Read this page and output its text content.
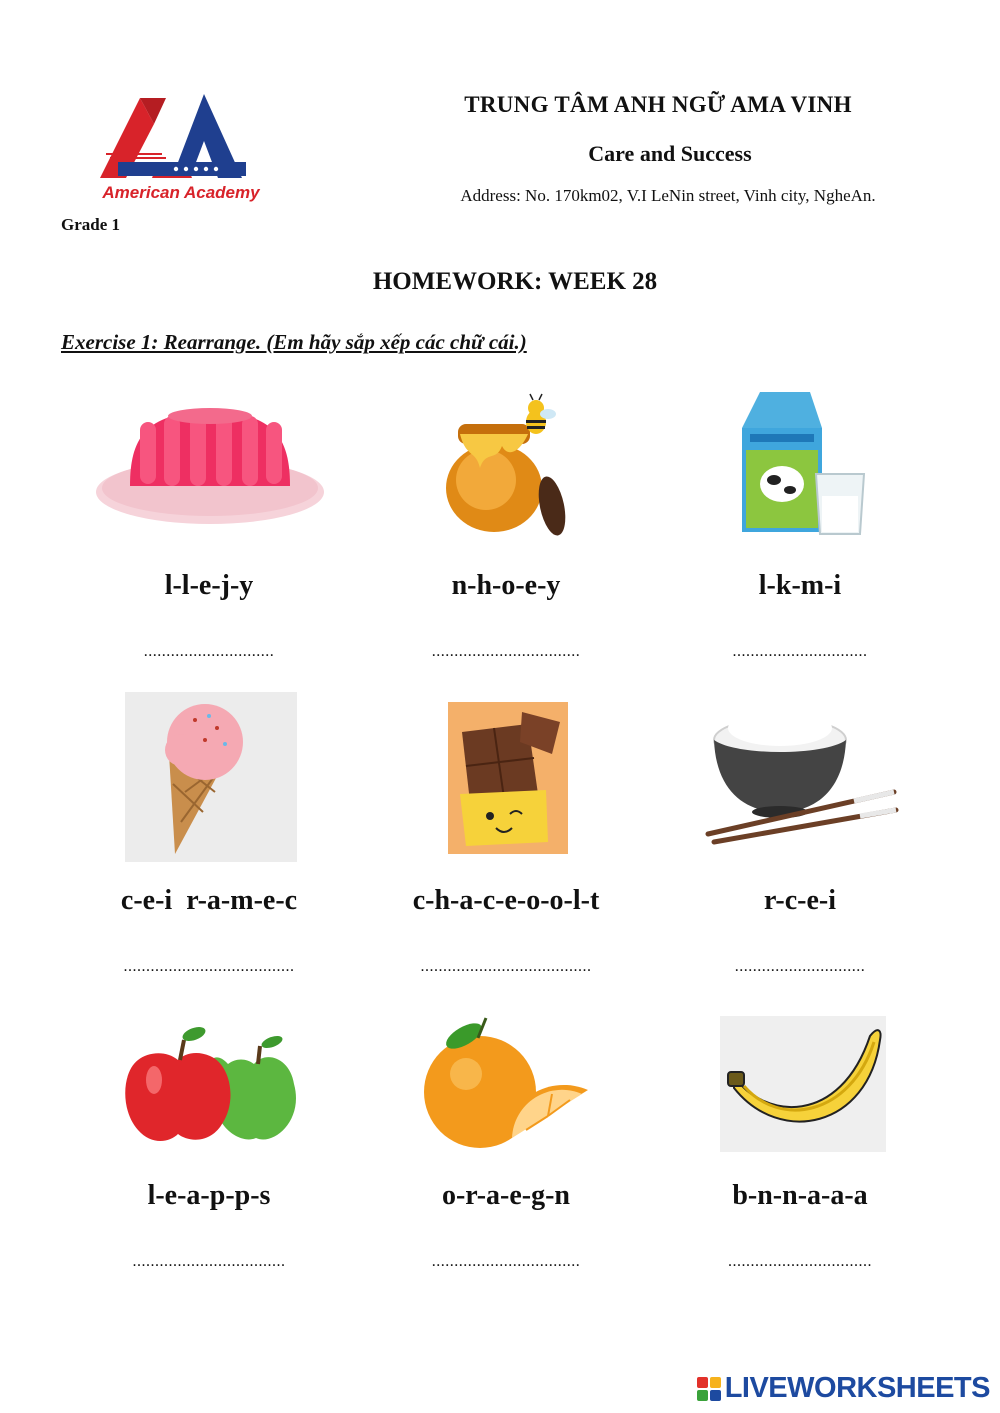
American Academy
Grade 1
TRUNG TÂM ANH NGỮ AMA VINH
Care and Success
Address: No. 170km02, V.I LeNin street, Vinh city, NgheAn.
HOMEWORK: WEEK 28
Exercise 1: Rearrange. (Em hãy sắp xếp các chữ cái.)
l-l-e-j-y	n-h-o-e-y	l-k-m-i
.............................	.................................	..............................
c-e-i  r-a-m-e-c	c-h-a-c-e-o-o-l-t	r-c-e-i
......................................	......................................	.............................
l-e-a-p-p-s	o-r-a-e-g-n	b-n-n-a-a-a
..................................	.................................	................................
LIVEWORKSHEETS
